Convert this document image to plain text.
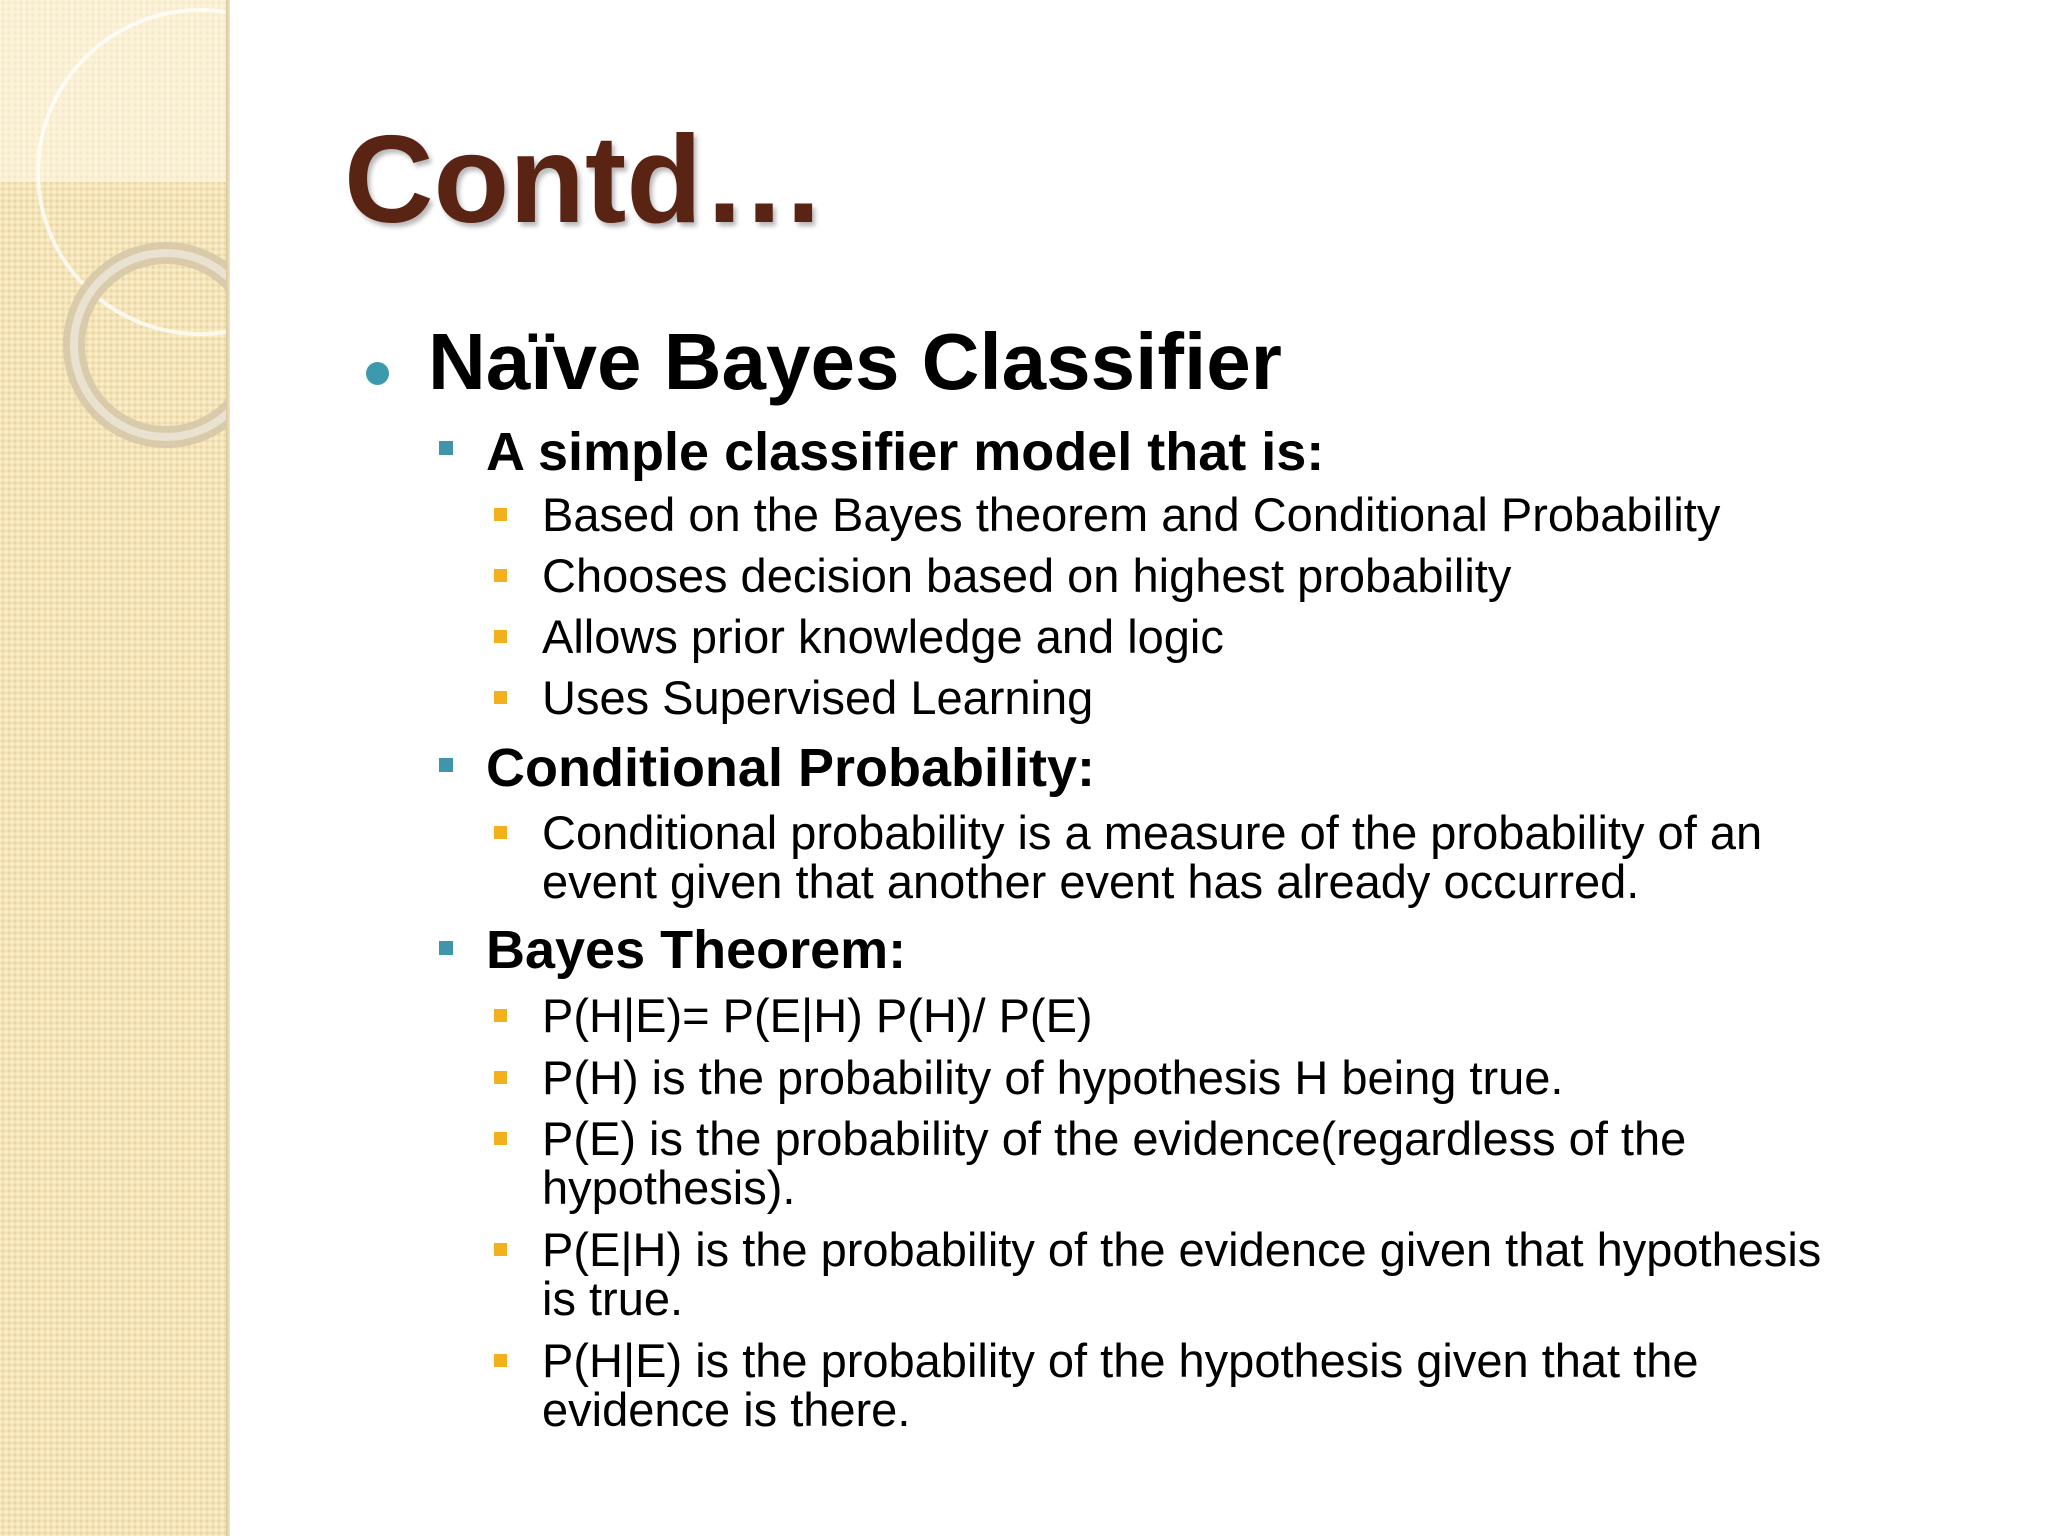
Contd…
Naïve Bayes Classifier
A simple classifier model that is:
Based on the Bayes theorem and Conditional Probability
Chooses decision based on highest probability
Allows prior knowledge and logic
Uses Supervised Learning
Conditional Probability:
Conditional probability is a measure of the probability of an
event given that another event has already occurred.
Bayes Theorem:
P(H|E)= P(E|H) P(H)/ P(E)
P(H) is the probability of hypothesis H being true.
P(E) is the probability of the evidence(regardless of the
hypothesis).
P(E|H) is the probability of the evidence given that hypothesis
is true.
P(H|E) is the probability of the hypothesis given that the
evidence is there.
